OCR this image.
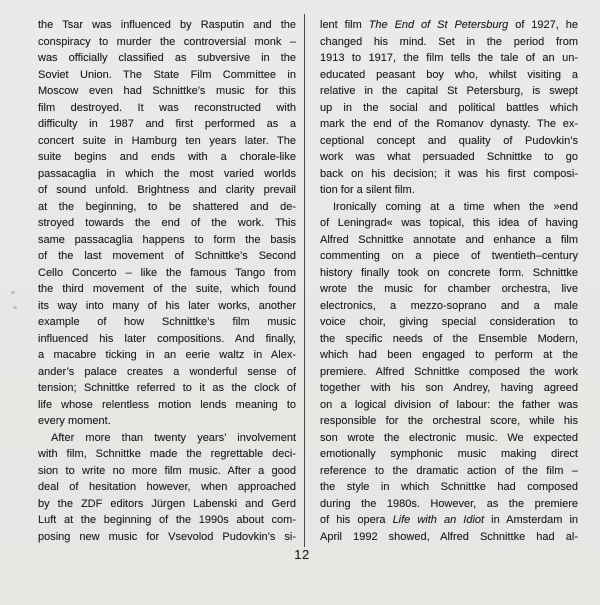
the Tsar was influenced by Rasputin and the
conspiracy to murder the controversial monk –
was officially classified as subversive in the
Soviet Union. The State Film Committee in
Moscow even had Schnittke’s music for this
film destroyed. It was reconstructed with
difficulty in 1987 and first performed as a
concert suite in Hamburg ten years later. The
suite begins and ends with a chorale-like
passacaglia in which the most varied worlds
of sound unfold. Brightness and clarity prevail
at the beginning, to be shattered and de-
stroyed towards the end of the work. This
same passacaglia happens to form the basis
of the last movement of Schnittke’s Second
Cello Concerto – like the famous Tango from
the third movement of the suite, which found
its way into many of his later works, another
example of how Schnittke’s film music
influenced his later compositions. And finally,
a macabre ticking in an eerie waltz in Alex-
ander’s palace creates a wonderful sense of
tension; Schnittke referred to it as the clock of
life whose relentless motion lends meaning to
every moment.
After more than twenty years’ involvement
with film, Schnittke made the regrettable deci-
sion to write no more film music. After a good
deal of hesitation however, when approached
by the ZDF editors Jürgen Labenski and Gerd
Luft at the beginning of the 1990s about com-
posing new music for Vsevolod Pudovkin’s si-
lent film The End of St Petersburg of 1927, he
changed his mind. Set in the period from
1913 to 1917, the film tells the tale of an un-
educated peasant boy who, whilst visiting a
relative in the capital St Petersburg, is swept
up in the social and political battles which
mark the end of the Romanov dynasty. The ex-
ceptional concept and quality of Pudovkin’s
work was what persuaded Schnittke to go
back on his decision; it was his first composi-
tion for a silent film.
Ironically coming at a time when the »end
of Leningrad« was topical, this idea of having
Alfred Schnittke annotate and enhance a film
commenting on a piece of twentieth–century
history finally took on concrete form. Schnittke
wrote the music for chamber orchestra, live
electronics, a mezzo-soprano and a male
voice choir, giving special consideration to
the specific needs of the Ensemble Modern,
which had been engaged to perform at the
premiere. Alfred Schnittke composed the work
together with his son Andrey, having agreed
on a logical division of labour: the father was
responsible for the orchestral score, while his
son wrote the electronic music. We expected
emotionally symphonic music making direct
reference to the dramatic action of the film –
the style in which Schnittke had composed
during the 1980s. However, as the premiere
of his opera Life with an Idiot in Amsterdam in
April 1992 showed, Alfred Schnittke had al-
12
